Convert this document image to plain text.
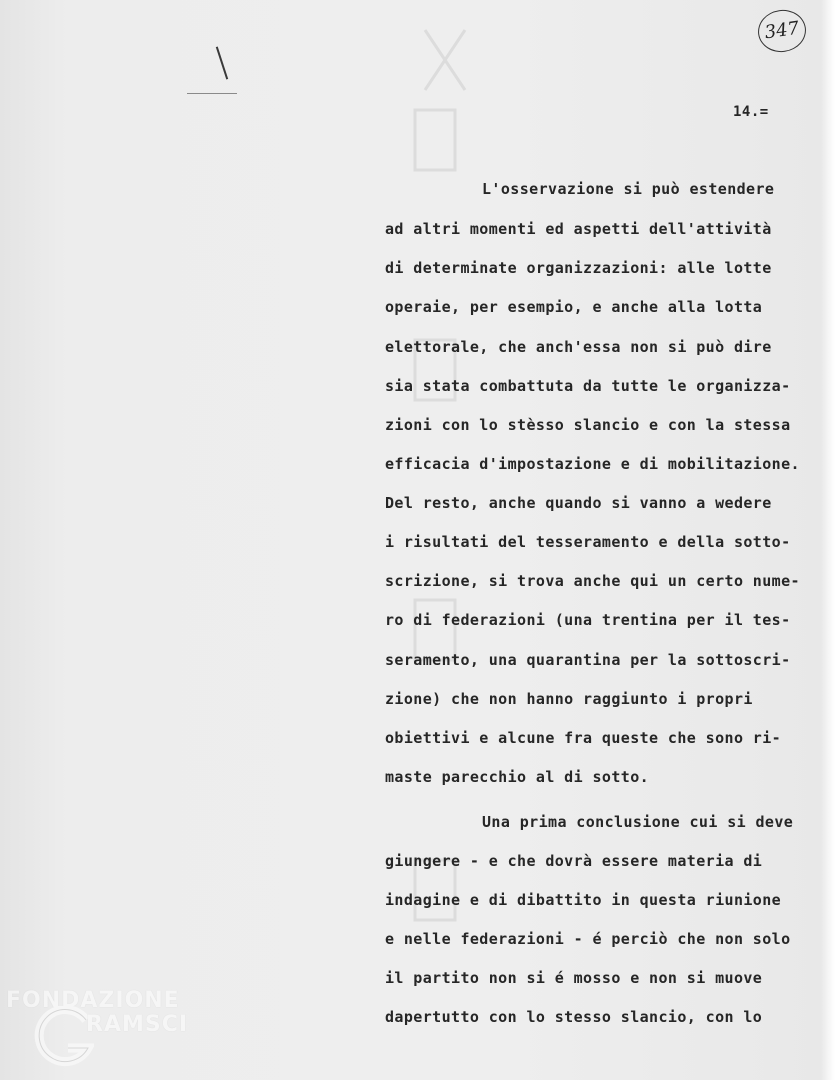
347
14.=
L'osservazione si può estendere
ad altri momenti ed aspetti dell'attività
di determinate organizzazioni: alle lotte
operaie, per esempio, e anche alla lotta
elettorale, che anch'essa non si può dire
sia stata combattuta da tutte le organizza-
zioni con lo stèsso slancio e con la stessa
efficacia d'impostazione e di mobilitazione.
Del resto, anche quando si vanno a wedere
i risultati del tesseramento e della sotto-
scrizione, si trova anche qui un certo nume-
ro di federazioni (una trentina per il tes-
seramento, una quarantina per la sottoscri-
zione) che non hanno raggiunto i propri
obiettivi e alcune fra queste che sono ri-
maste parecchio al di sotto.
Una prima conclusione cui si deve
giungere - e che dovrà essere materia di
indagine e di dibattito in questa riunione
e nelle federazioni - é perciò che non solo
il partito non si é mosso e non si muove
dapertutto con lo stesso slancio, con lo
FONDAZIONE
RAMSCI
